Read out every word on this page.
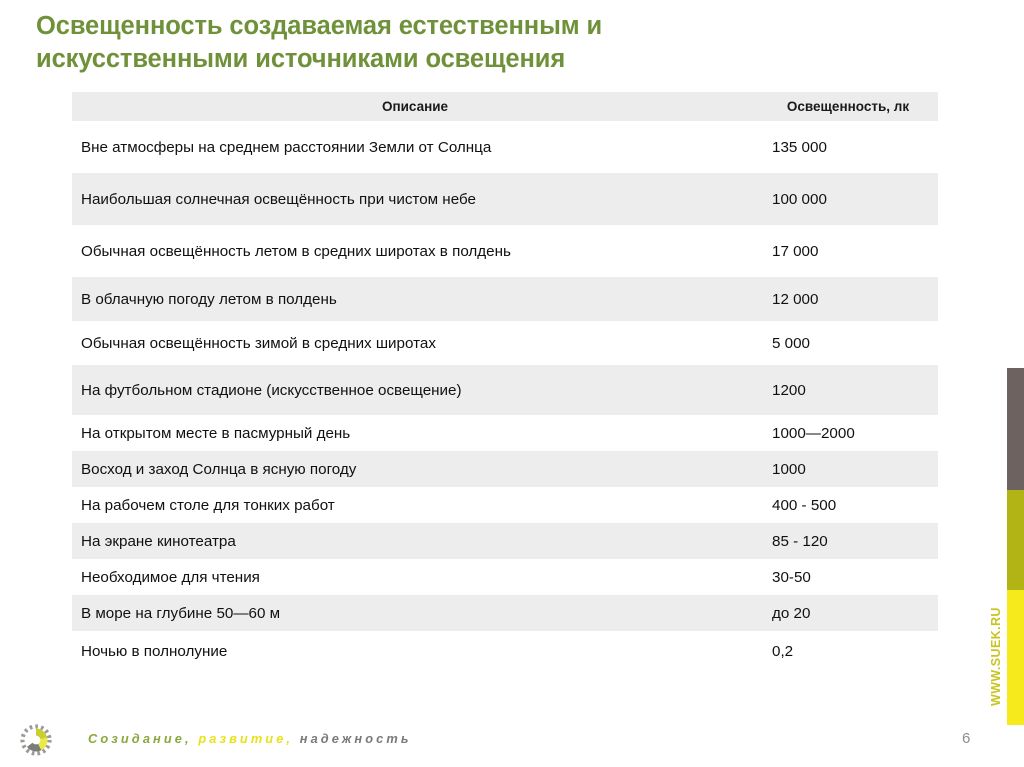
Освещенность создаваемая естественным и
искусственными источниками освещения
Описание	Освещенность, лк
Вне атмосферы на среднем расстоянии Земли от Солнца	135 000
Наибольшая солнечная освещённость при чистом небе	100 000
Обычная освещённость летом в средних широтах в полдень	17 000
В облачную погоду летом в полдень	12 000
Обычная освещённость зимой в средних широтах	5 000
На футбольном стадионе (искусственное освещение)	1200
На открытом месте в пасмурный день	1000—2000
Восход и заход Солнца в ясную погоду	1000
На рабочем столе для тонких работ	400 - 500
На экране кинотеатра	85 - 120
Необходимое для чтения	30-50
В море на глубине 50—60 м	до 20
Ночью в полнолуние	0,2	WWW.SUEK.RU
Созидание, развитие, надежность	6
